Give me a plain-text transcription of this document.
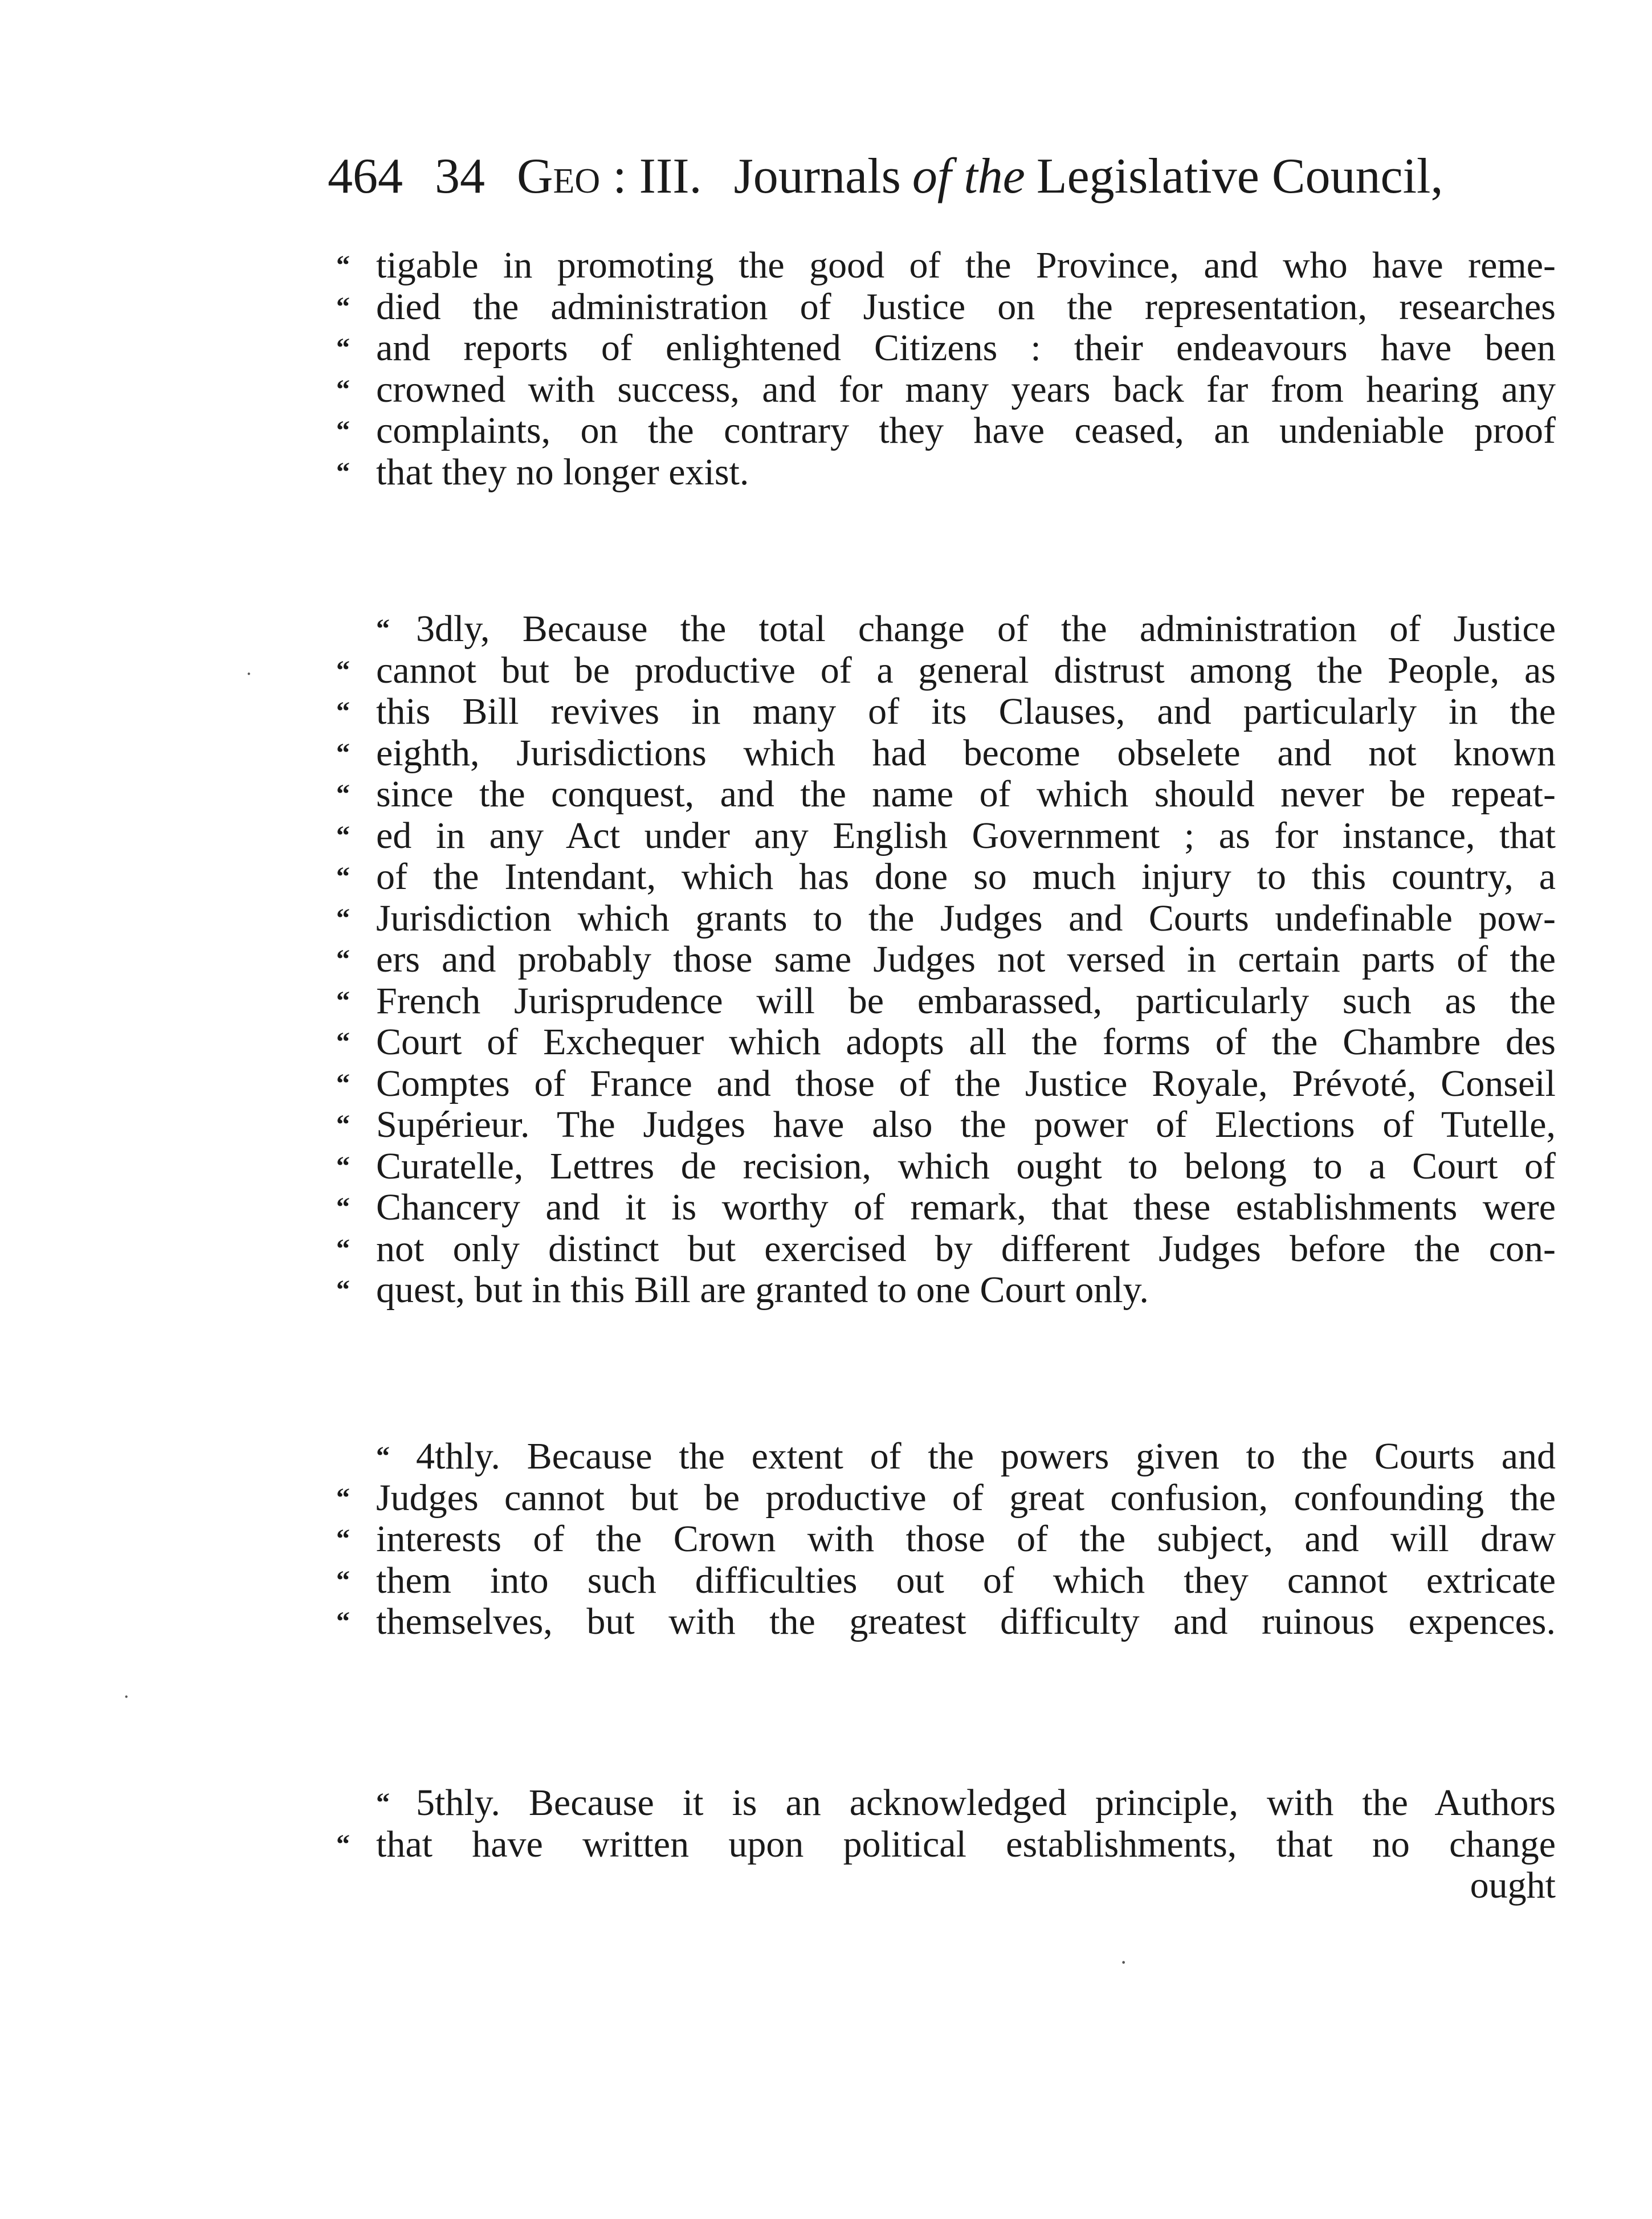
464 34 Geo : III. Journals of the Legislative Council,
“ tigable in promoting the good of the Province, and who have reme-
“ died the administration of Justice on the representation, researches
“ and reports of enlightened Citizens : their endeavours have been
“ crowned with success, and for many years back far from hearing any
“ complaints, on the contrary they have ceased, an undeniable proof
“ that they no longer exist.
“ 3dly, Because the total change of the administration of Justice
“ cannot but be productive of a general distrust among the People, as
“ this Bill revives in many of its Clauses, and particularly in the
“ eighth, Jurisdictions which had become obselete and not known
“ since the conquest, and the name of which should never be repeat-
“ ed in any Act under any English Government ; as for instance, that
“ of the Intendant, which has done so much injury to this country, a
“ Jurisdiction which grants to the Judges and Courts undefinable pow-
“ ers and probably those same Judges not versed in certain parts of the
“ French Jurisprudence will be embarassed, particularly such as the
“ Court of Exchequer which adopts all the forms of the Chambre des
“ Comptes of France and those of the Justice Royale, Prévoté, Conseil
“ Supérieur. The Judges have also the power of Elections of Tutelle,
“ Curatelle, Lettres de recision, which ought to belong to a Court of
“ Chancery and it is worthy of remark, that these establishments were
“ not only distinct but exercised by different Judges before the con-
“ quest, but in this Bill are granted to one Court only.
“ 4thly. Because the extent of the powers given to the Courts and
“ Judges cannot but be productive of great confusion, confounding the
“ interests of the Crown with those of the subject, and will draw
“ them into such difficulties out of which they cannot extricate
“ themselves, but with the greatest difficulty and ruinous expences.
“ 5thly. Because it is an acknowledged principle, with the Authors
“ that have written upon political establishments, that no change
ought
˙
˙
·
